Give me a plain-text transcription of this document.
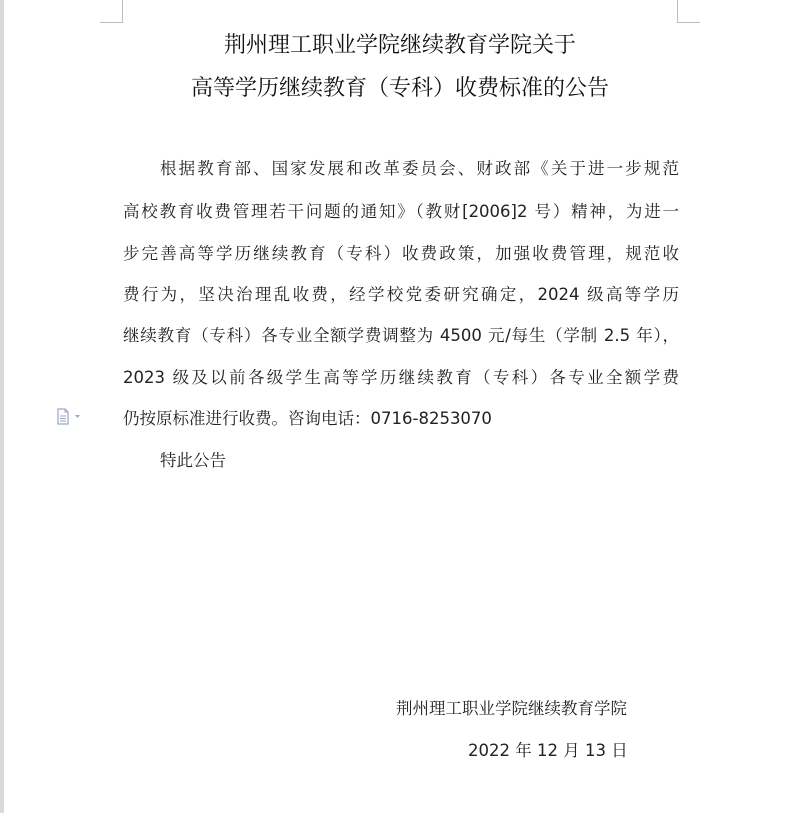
荆州理工职业学院继续教育学院关于
高等学历继续教育（专科）收费标准的公告
根据教育部、国家发展和改革委员会、财政部《关于进一步规范
高校教育收费管理若干问题的通知》（教财[2006]2 号）精神，为进一
步完善高等学历继续教育（专科）收费政策，加强收费管理，规范收
费行为，坚决治理乱收费，经学校党委研究确定，2024 级高等学历
继续教育（专科）各专业全额学费调整为 4500 元/每生（学制 2.5 年），
2023 级及以前各级学生高等学历继续教育（专科）各专业全额学费
仍按原标准进行收费。咨询电话：0716-8253070
特此公告
荆州理工职业学院继续教育学院
2022 年 12 月 13 日
